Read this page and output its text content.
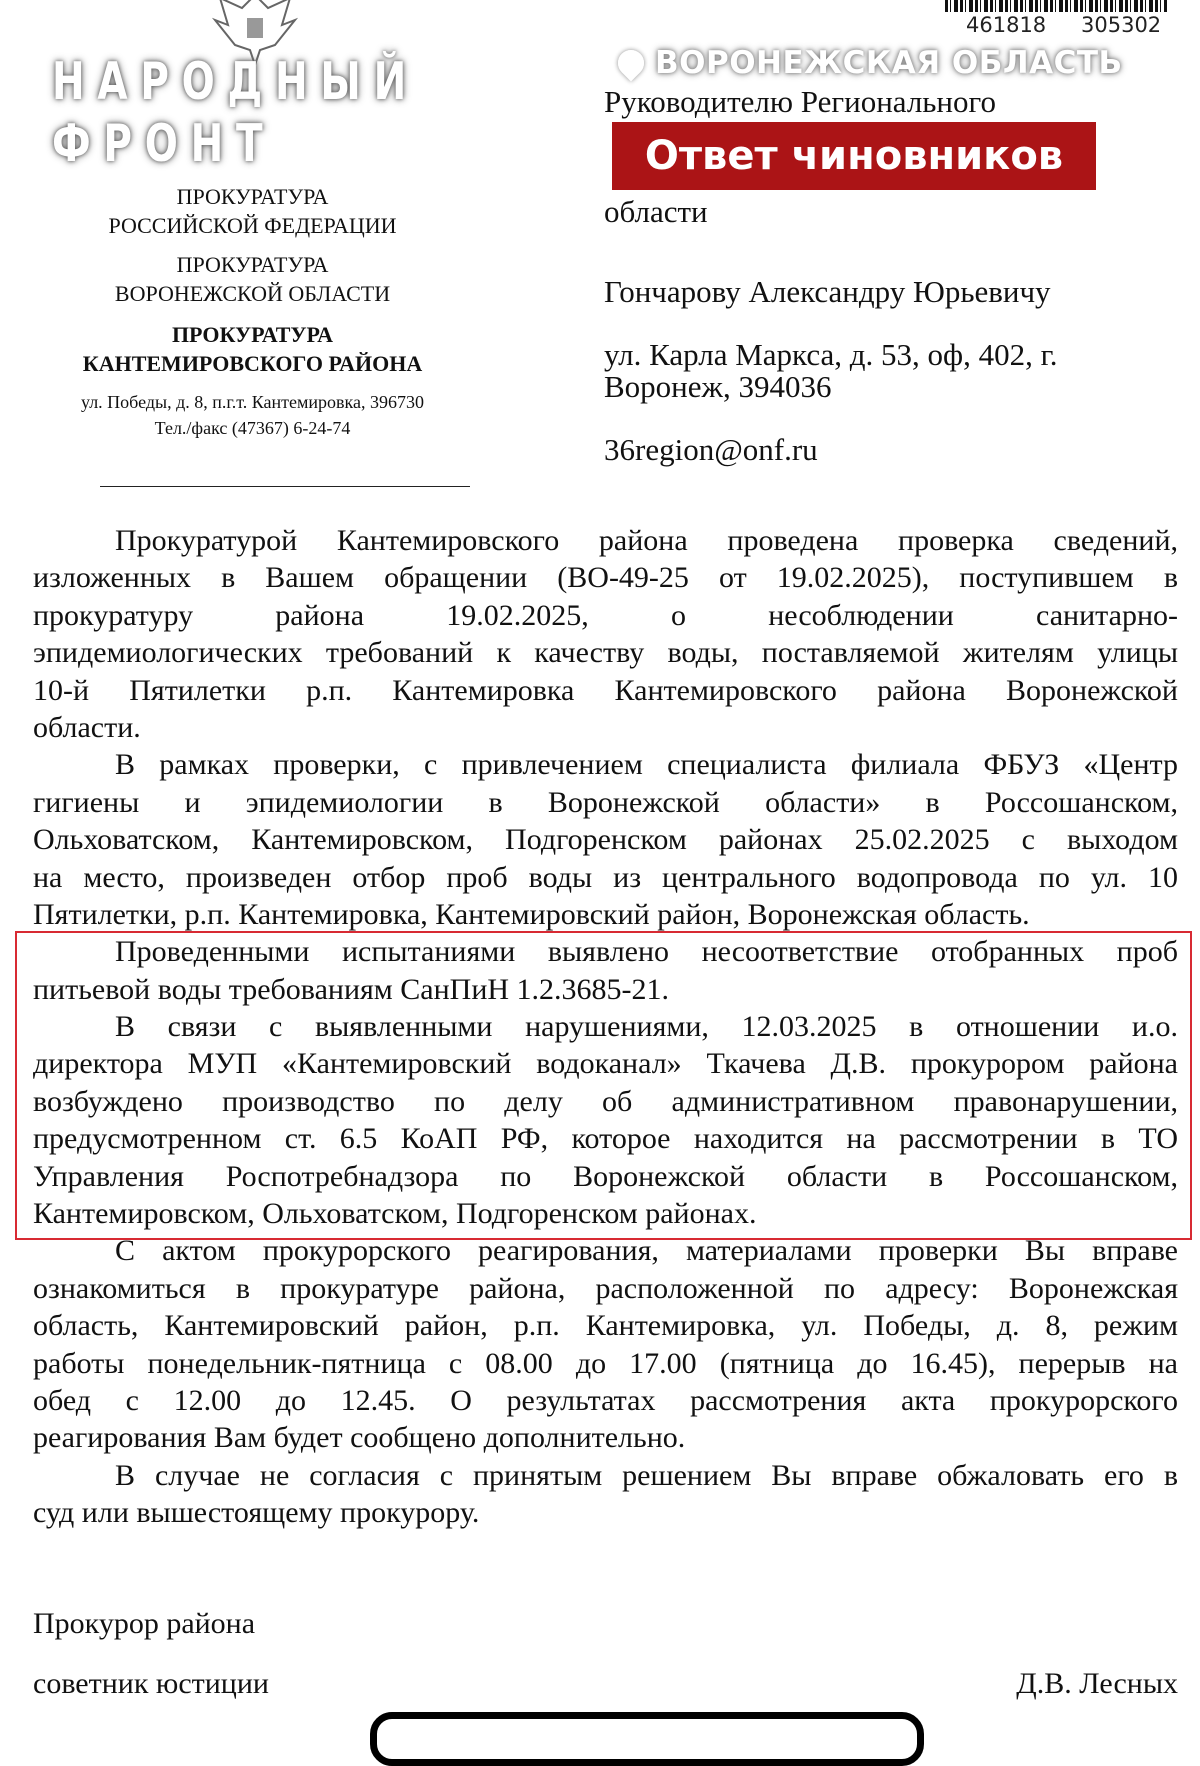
НАРОДНЫЙ
ФРОНТ
ПРОКУРАТУРА
РОССИЙСКОЙ ФЕДЕРАЦИИ
ПРОКУРАТУРА
ВОРОНЕЖСКОЙ ОБЛАСТИ
ПРОКУРАТУРА
КАНТЕМИРОВСКОГО РАЙОНА
ул. Победы, д. 8, п.г.т. Кантемировка, 396730
Тел./факс (47367) 6-24-74
461818 305302
ВОРОНЕЖСКАЯ ОБЛАСТЬ
Руководителю Регионального
Ответ чиновников
области
Гончарову Александру Юрьевичу
ул. Карла Маркса, д. 53, оф, 402, г.
Воронеж, 394036
36region@onf.ru
Прокуратурой Кантемировского района проведена проверка сведений,
изложенных в Вашем обращении (ВО-49-25 от 19.02.2025), поступившем в
прокуратуру района 19.02.2025, о несоблюдении санитарно-
эпидемиологических требований к качеству воды, поставляемой жителям улицы
10-й Пятилетки р.п. Кантемировка Кантемировского района Воронежской
области.
В рамках проверки, с привлечением специалиста филиала ФБУЗ «Центр
гигиены и эпидемиологии в Воронежской области» в Россошанском,
Ольховатском, Кантемировском, Подгоренском районах 25.02.2025 с выходом
на место, произведен отбор проб воды из центрального водопровода по ул. 10
Пятилетки, р.п. Кантемировка, Кантемировский район, Воронежская область.
Проведенными испытаниями выявлено несоответствие отобранных проб
питьевой воды требованиям СанПиН 1.2.3685-21.
В связи с выявленными нарушениями, 12.03.2025 в отношении и.о.
директора МУП «Кантемировский водоканал» Ткачева Д.В. прокурором района
возбуждено производство по делу об административном правонарушении,
предусмотренном ст. 6.5 КоАП РФ, которое находится на рассмотрении в ТО
Управления Роспотребнадзора по Воронежской области в Россошанском,
Кантемировском, Ольховатском, Подгоренском районах.
С актом прокурорского реагирования, материалами проверки Вы вправе
ознакомиться в прокуратуре района, расположенной по адресу: Воронежская
область, Кантемировский район, р.п. Кантемировка, ул. Победы, д. 8, режим
работы понедельник-пятница с 08.00 до 17.00 (пятница до 16.45), перерыв на
обед с 12.00 до 12.45. О результатах рассмотрения акта прокурорского
реагирования Вам будет сообщено дополнительно.
В случае не согласия с принятым решением Вы вправе обжаловать его в
суд или вышестоящему прокурору.
Прокурор района
советник юстиции	Д.В. Лесных
